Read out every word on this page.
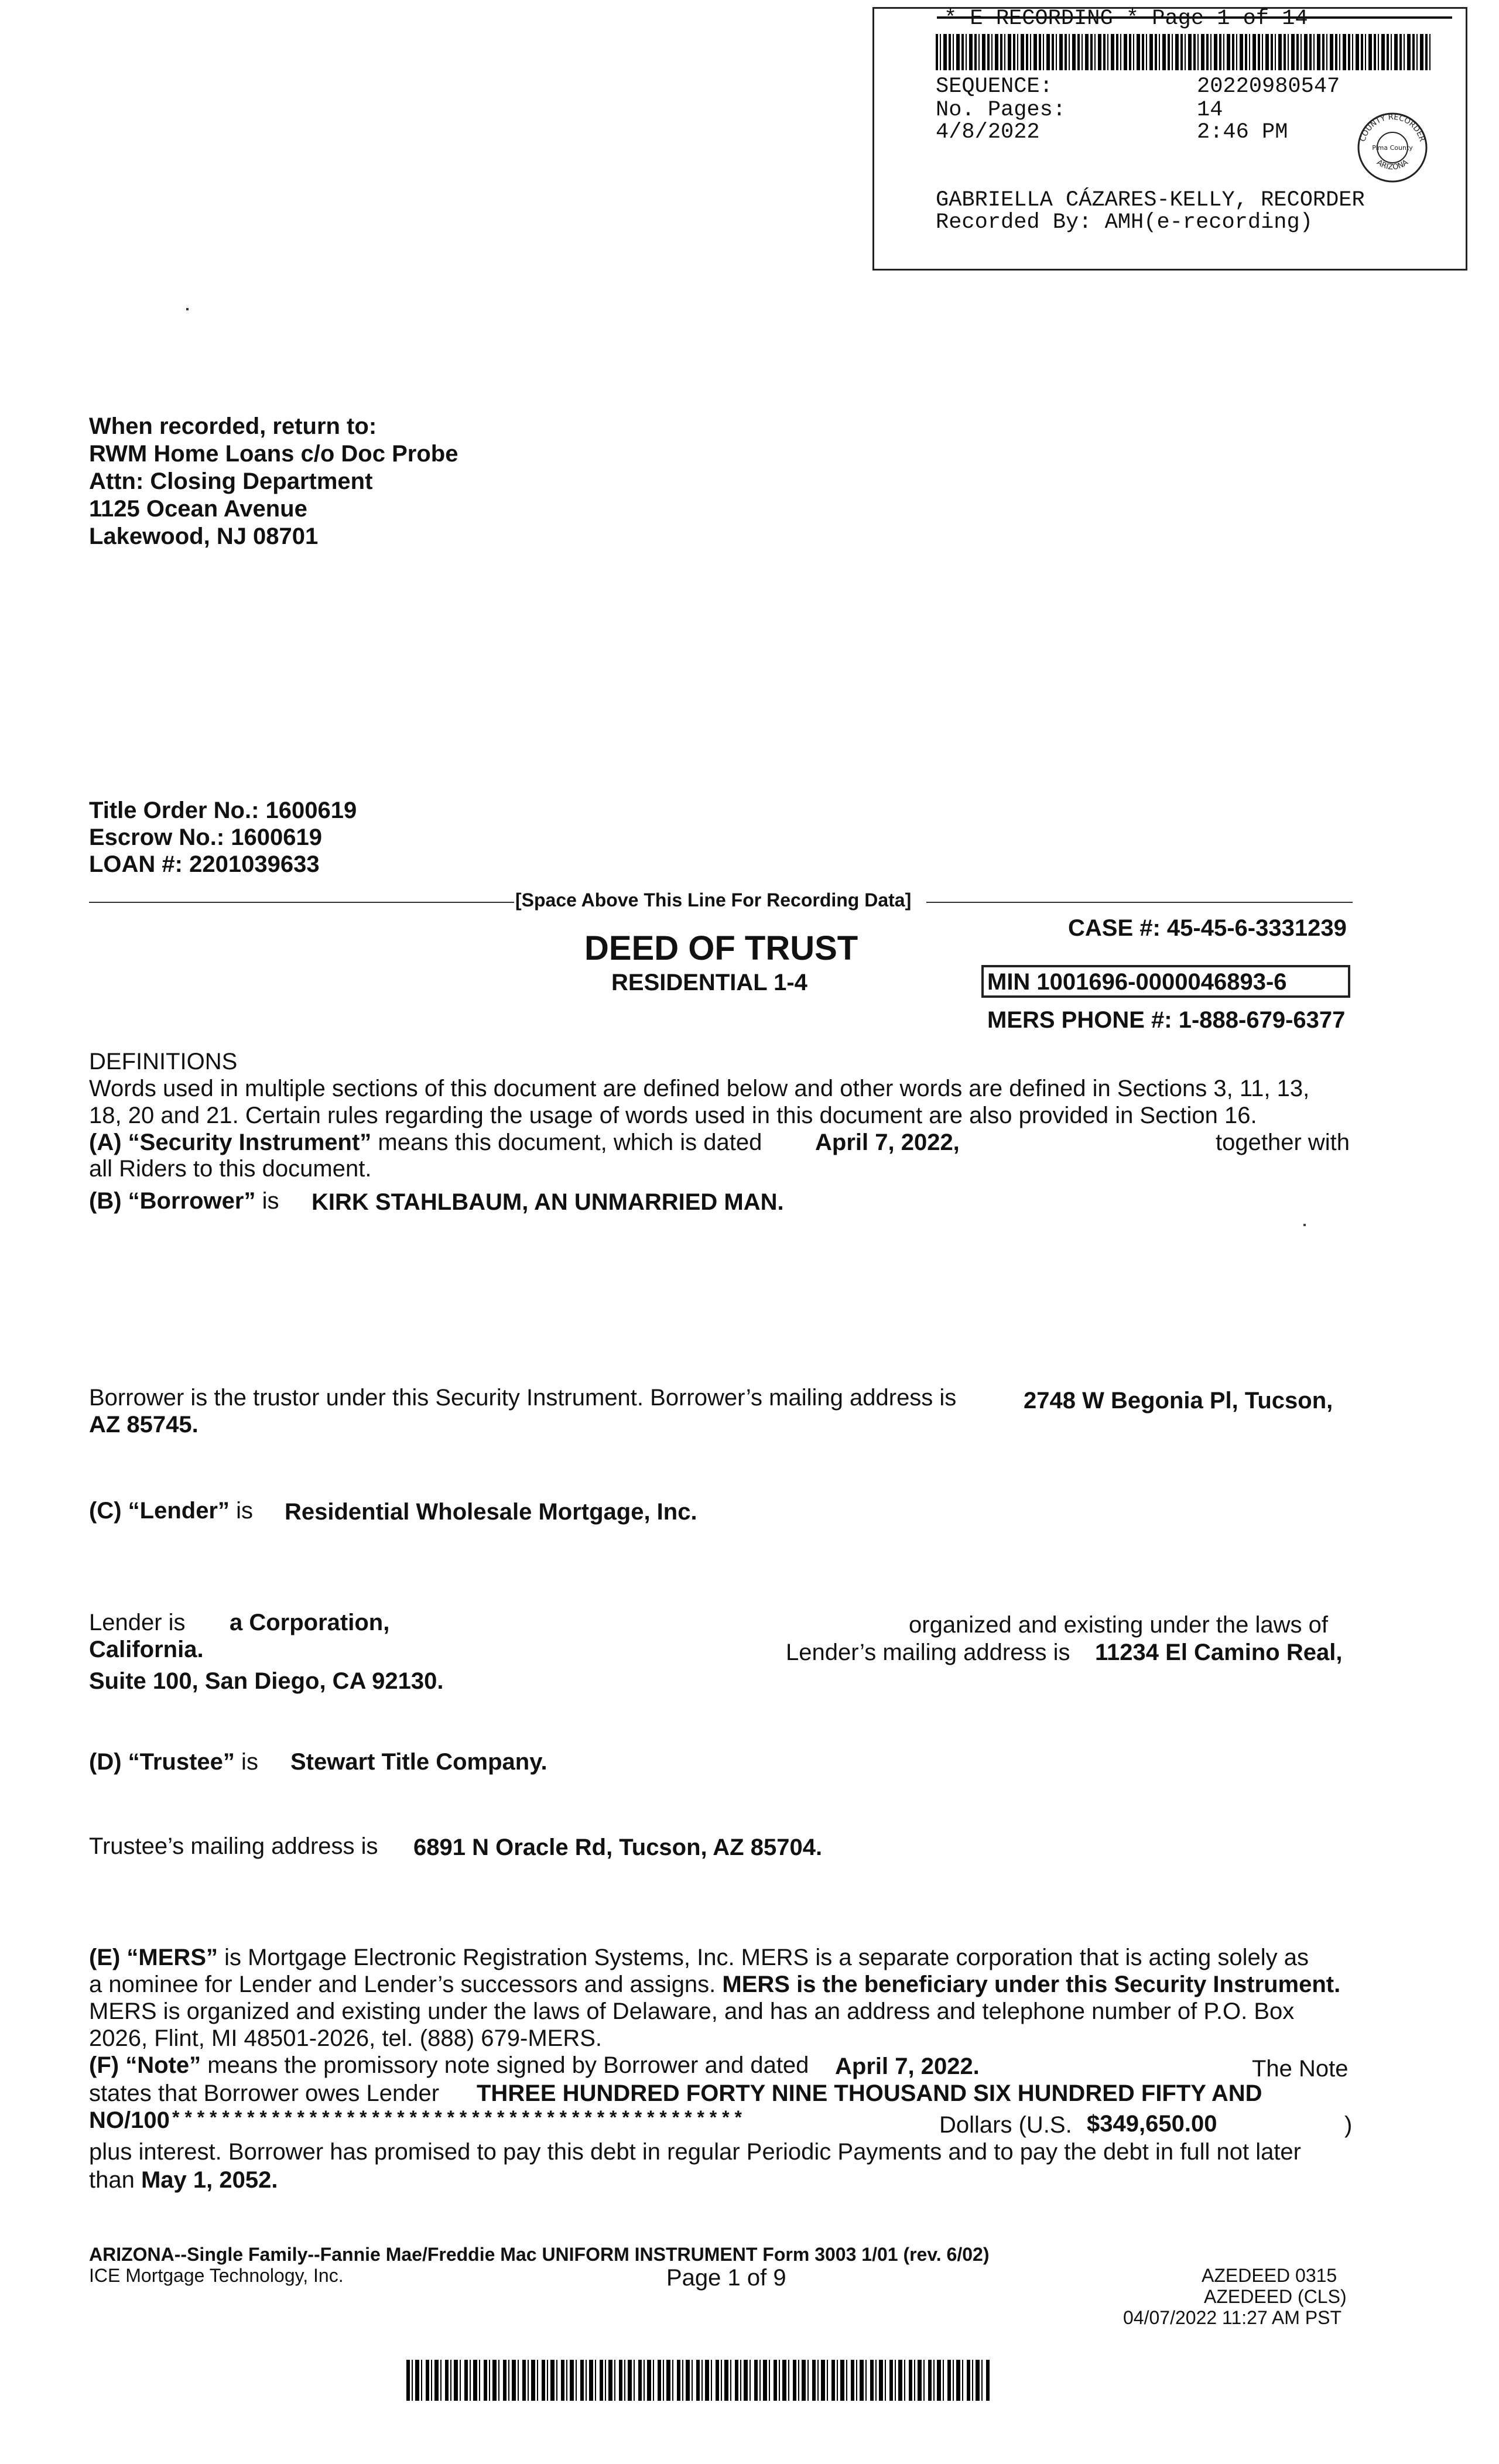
* E RECORDING * Page 1 of 14
SEQUENCE:	20220980547
No. Pages:	14
4/8/2022	2:46 PM	COUNTY RECORDER
Pima County
ARIZONA
GABRIELLA CÁZARES-KELLY, RECORDER
Recorded By: AMH(e-recording)
When recorded, return to:
RWM Home Loans c/o Doc Probe
Attn: Closing Department
1125 Ocean Avenue
Lakewood, NJ 08701
Title Order No.: 1600619
Escrow No.: 1600619
LOAN #: 2201039633
[Space Above This Line For Recording Data]
DEED OF TRUST
RESIDENTIAL 1-4
CASE #: 45-45-6-3331239
MIN 1001696-0000046893-6
MERS PHONE #: 1-888-679-6377
DEFINITIONS
Words used in multiple sections of this document are defined below and other words are defined in Sections 3, 11, 13,
18, 20 and 21. Certain rules regarding the usage of words used in this document are also provided in Section 16.
(A) “Security Instrument” means this document, which is dated April 7, 2022,	together with
all Riders to this document.
(B) “Borrower” is KIRK STAHLBAUM, AN UNMARRIED MAN.
Borrower is the trustor under this Security Instrument. Borrower’s mailing address is	2748 W Begonia Pl, Tucson,
AZ 85745.
(C) “Lender” is Residential Wholesale Mortgage, Inc.
Lender is a Corporation,	organized and existing under the laws of
California.	Lender’s mailing address is 11234 El Camino Real,
Suite 100, San Diego, CA 92130.
(D) “Trustee” is Stewart Title Company.
Trustee’s mailing address is 6891 N Oracle Rd, Tucson, AZ 85704.
(E) “MERS” is Mortgage Electronic Registration Systems, Inc. MERS is a separate corporation that is acting solely as
a nominee for Lender and Lender’s successors and assigns. MERS is the beneficiary under this Security Instrument.
MERS is organized and existing under the laws of Delaware, and has an address and telephone number of P.O. Box
2026, Flint, MI 48501-2026, tel. (888) 679-MERS.
(F) “Note” means the promissory note signed by Borrower and dated April 7, 2022.	The Note
states that Borrower owes Lender THREE HUNDRED FORTY NINE THOUSAND SIX HUNDRED FIFTY AND
NO/100 * * * * * * * * * * * * * * * * * * * * * * * * * * * * * * * * * * * * * * * * * * * * * *	Dollars (U.S. $349,650.00	)
plus interest. Borrower has promised to pay this debt in regular Periodic Payments and to pay the debt in full not later
than May 1, 2052.
ARIZONA--Single Family--Fannie Mae/Freddie Mac UNIFORM INSTRUMENT Form 3003 1/01 (rev. 6/02)
ICE Mortgage Technology, Inc.	Page 1 of 9	AZEDEED 0315
AZEDEED (CLS)
04/07/2022 11:27 AM PST
